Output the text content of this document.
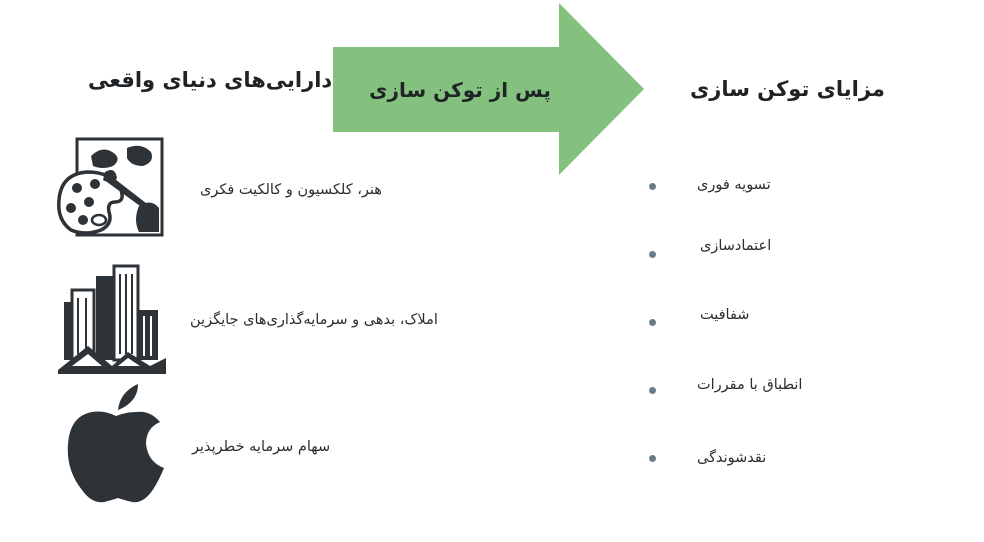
دارایی‌های دنیای واقعی	پس از توکن سازی	مزایای توکن سازی
هنر، کلکسیون و کالکیت فکری
املاک، بدهی و سرمایه‌گذاری‌های جایگزین
سهام سرمایه خطرپذیر
تسویه فوری
اعتمادسازی
شفافیت
انطباق با مقررات
نقدشوندگی
